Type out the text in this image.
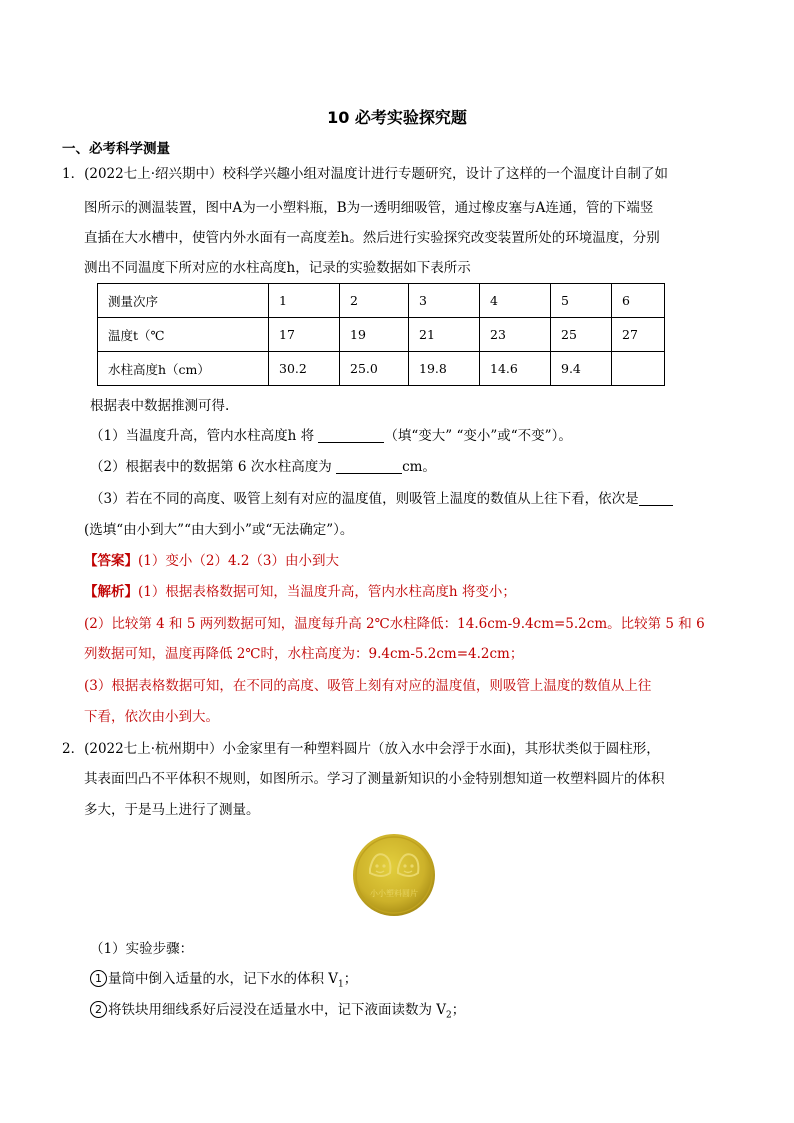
10 必考实验探究题
一、必考科学测量
1．(2022七上·绍兴期中）校科学兴趣小组对温度计进行专题研究，设计了这样的一个温度计自制了如
图所示的测温装置，图中A为一小塑料瓶，B为一透明细吸管，通过橡皮塞与A连通，管的下端竖
直插在大水槽中，使管内外水面有一高度差h。然后进行实验探究改变装置所处的环境温度，分别
测出不同温度下所对应的水柱高度h，记录的实验数据如下表所示
测量次序	1	2	3	4	5	6
温度t（℃	17	19	21	23	25	27
水柱高度h（cm）	30.2	25.0	19.8	14.6	9.4	
根据表中数据推测可得.
（1）当温度升高，管内水柱高度h 将	（填“变大” “变小”或“不变”）。
（2）根据表中的数据第 6 次水柱高度为	cm。
（3）若在不同的高度、吸管上刻有对应的温度值，则吸管上温度的数值从上往下看，依次是
(选填“由小到大”“由大到小”或“无法确定”）。
【答案】(1）变小（2）4.2（3）由小到大
【解析】(1）根据表格数据可知，当温度升高，管内水柱高度h 将变小；
(2）比较第 4 和 5 两列数据可知，温度每升高 2℃水柱降低：14.6cm-9.4cm=5.2cm。比较第 5 和 6
列数据可知，温度再降低 2℃时，水柱高度为：9.4cm-5.2cm=4.2cm；
(3）根据表格数据可知，在不同的高度、吸管上刻有对应的温度值，则吸管上温度的数值从上往
下看，依次由小到大。
2．(2022七上·杭州期中）小金家里有一种塑料圆片（放入水中会浮于水面)，其形状类似于圆柱形，
其表面凹凸不平体积不规则，如图所示。学习了测量新知识的小金特别想知道一枚塑料圆片的体积
多大，于是马上进行了测量。
小小塑料圆片
（1）实验步骤：
1 量筒中倒入适量的水，记下水的体积 $V_1$；
2 将铁块用细线系好后浸没在适量水中，记下液面读数为 $V_2$；
